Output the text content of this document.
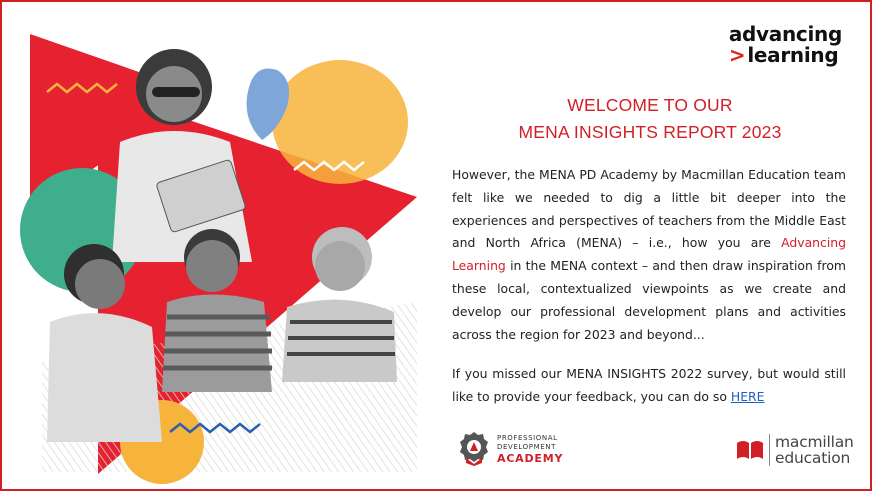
advancing
> learning
WELCOME TO OUR
MENA INSIGHTS REPORT 2023

However, the MENA PD Academy by Macmillan Education team felt like we needed to dig a little bit deeper into the experiences and perspectives of teachers from the Middle East and North Africa (MENA) – i.e., how you are Advancing Learning in the MENA context – and then draw inspiration from these local, contextualized viewpoints as we create and develop our professional development plans and activities across the region for 2023 and beyond...

If you missed our MENA INSIGHTS 2022 survey, but would still like to provide your feedback, you can do so HERE

PROFESSIONAL
DEVELOPMENT
ACADEMY
macmillan
education
